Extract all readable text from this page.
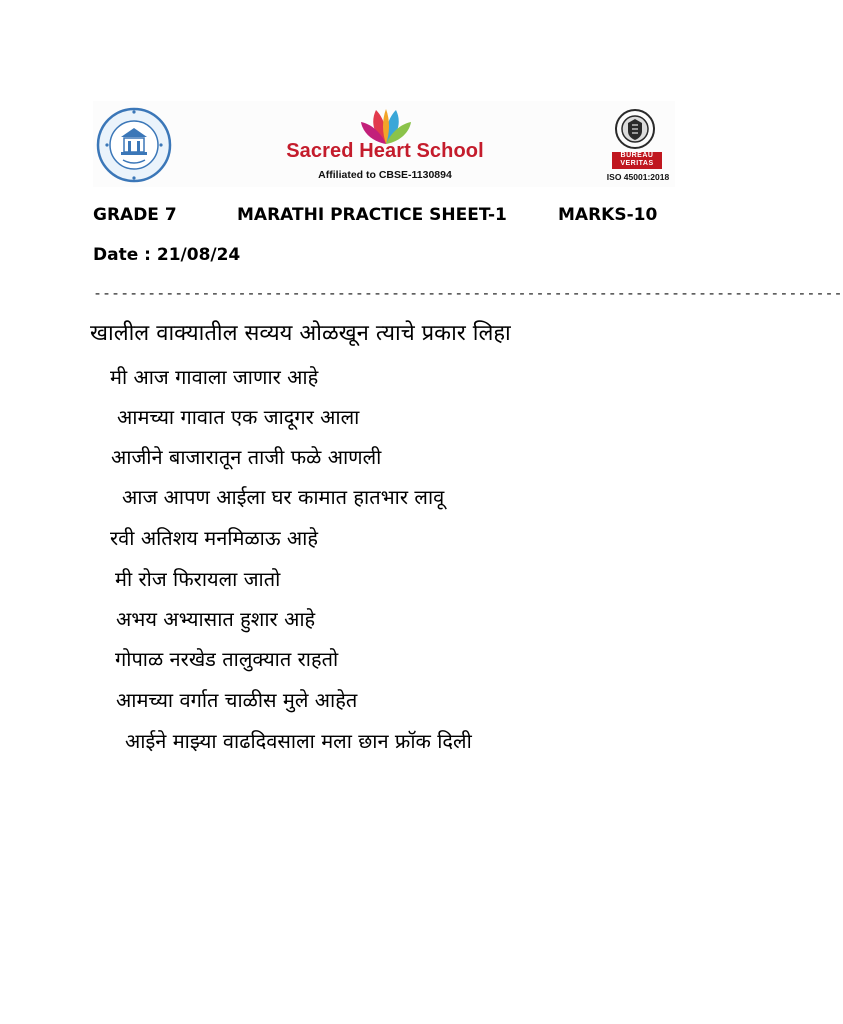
Sacred Heart School
Affiliated to CBSE-1130894
BUREAU
VERITAS
ISO 45001:2018
GRADE 7	MARATHI PRACTICE SHEET-1	MARKS-10
Date : 21/08/24
-----------------------------------------------------------------------------------
खालील वाक्यातील सव्यय ओळखून त्याचे प्रकार लिहा
मी आज गावाला जाणार आहे
आमच्या गावात एक जादूगर आला
आजीने बाजारातून ताजी फळे आणली
आज आपण आईला घर कामात हातभार लावू
रवी अतिशय मनमिळाऊ आहे
मी रोज फिरायला जातो
अभय अभ्यासात हुशार आहे
गोपाळ नरखेड तालुक्यात राहतो
आमच्या वर्गात चाळीस मुले आहेत
आईने माझ्या वाढदिवसाला मला छान फ्रॉक दिली
